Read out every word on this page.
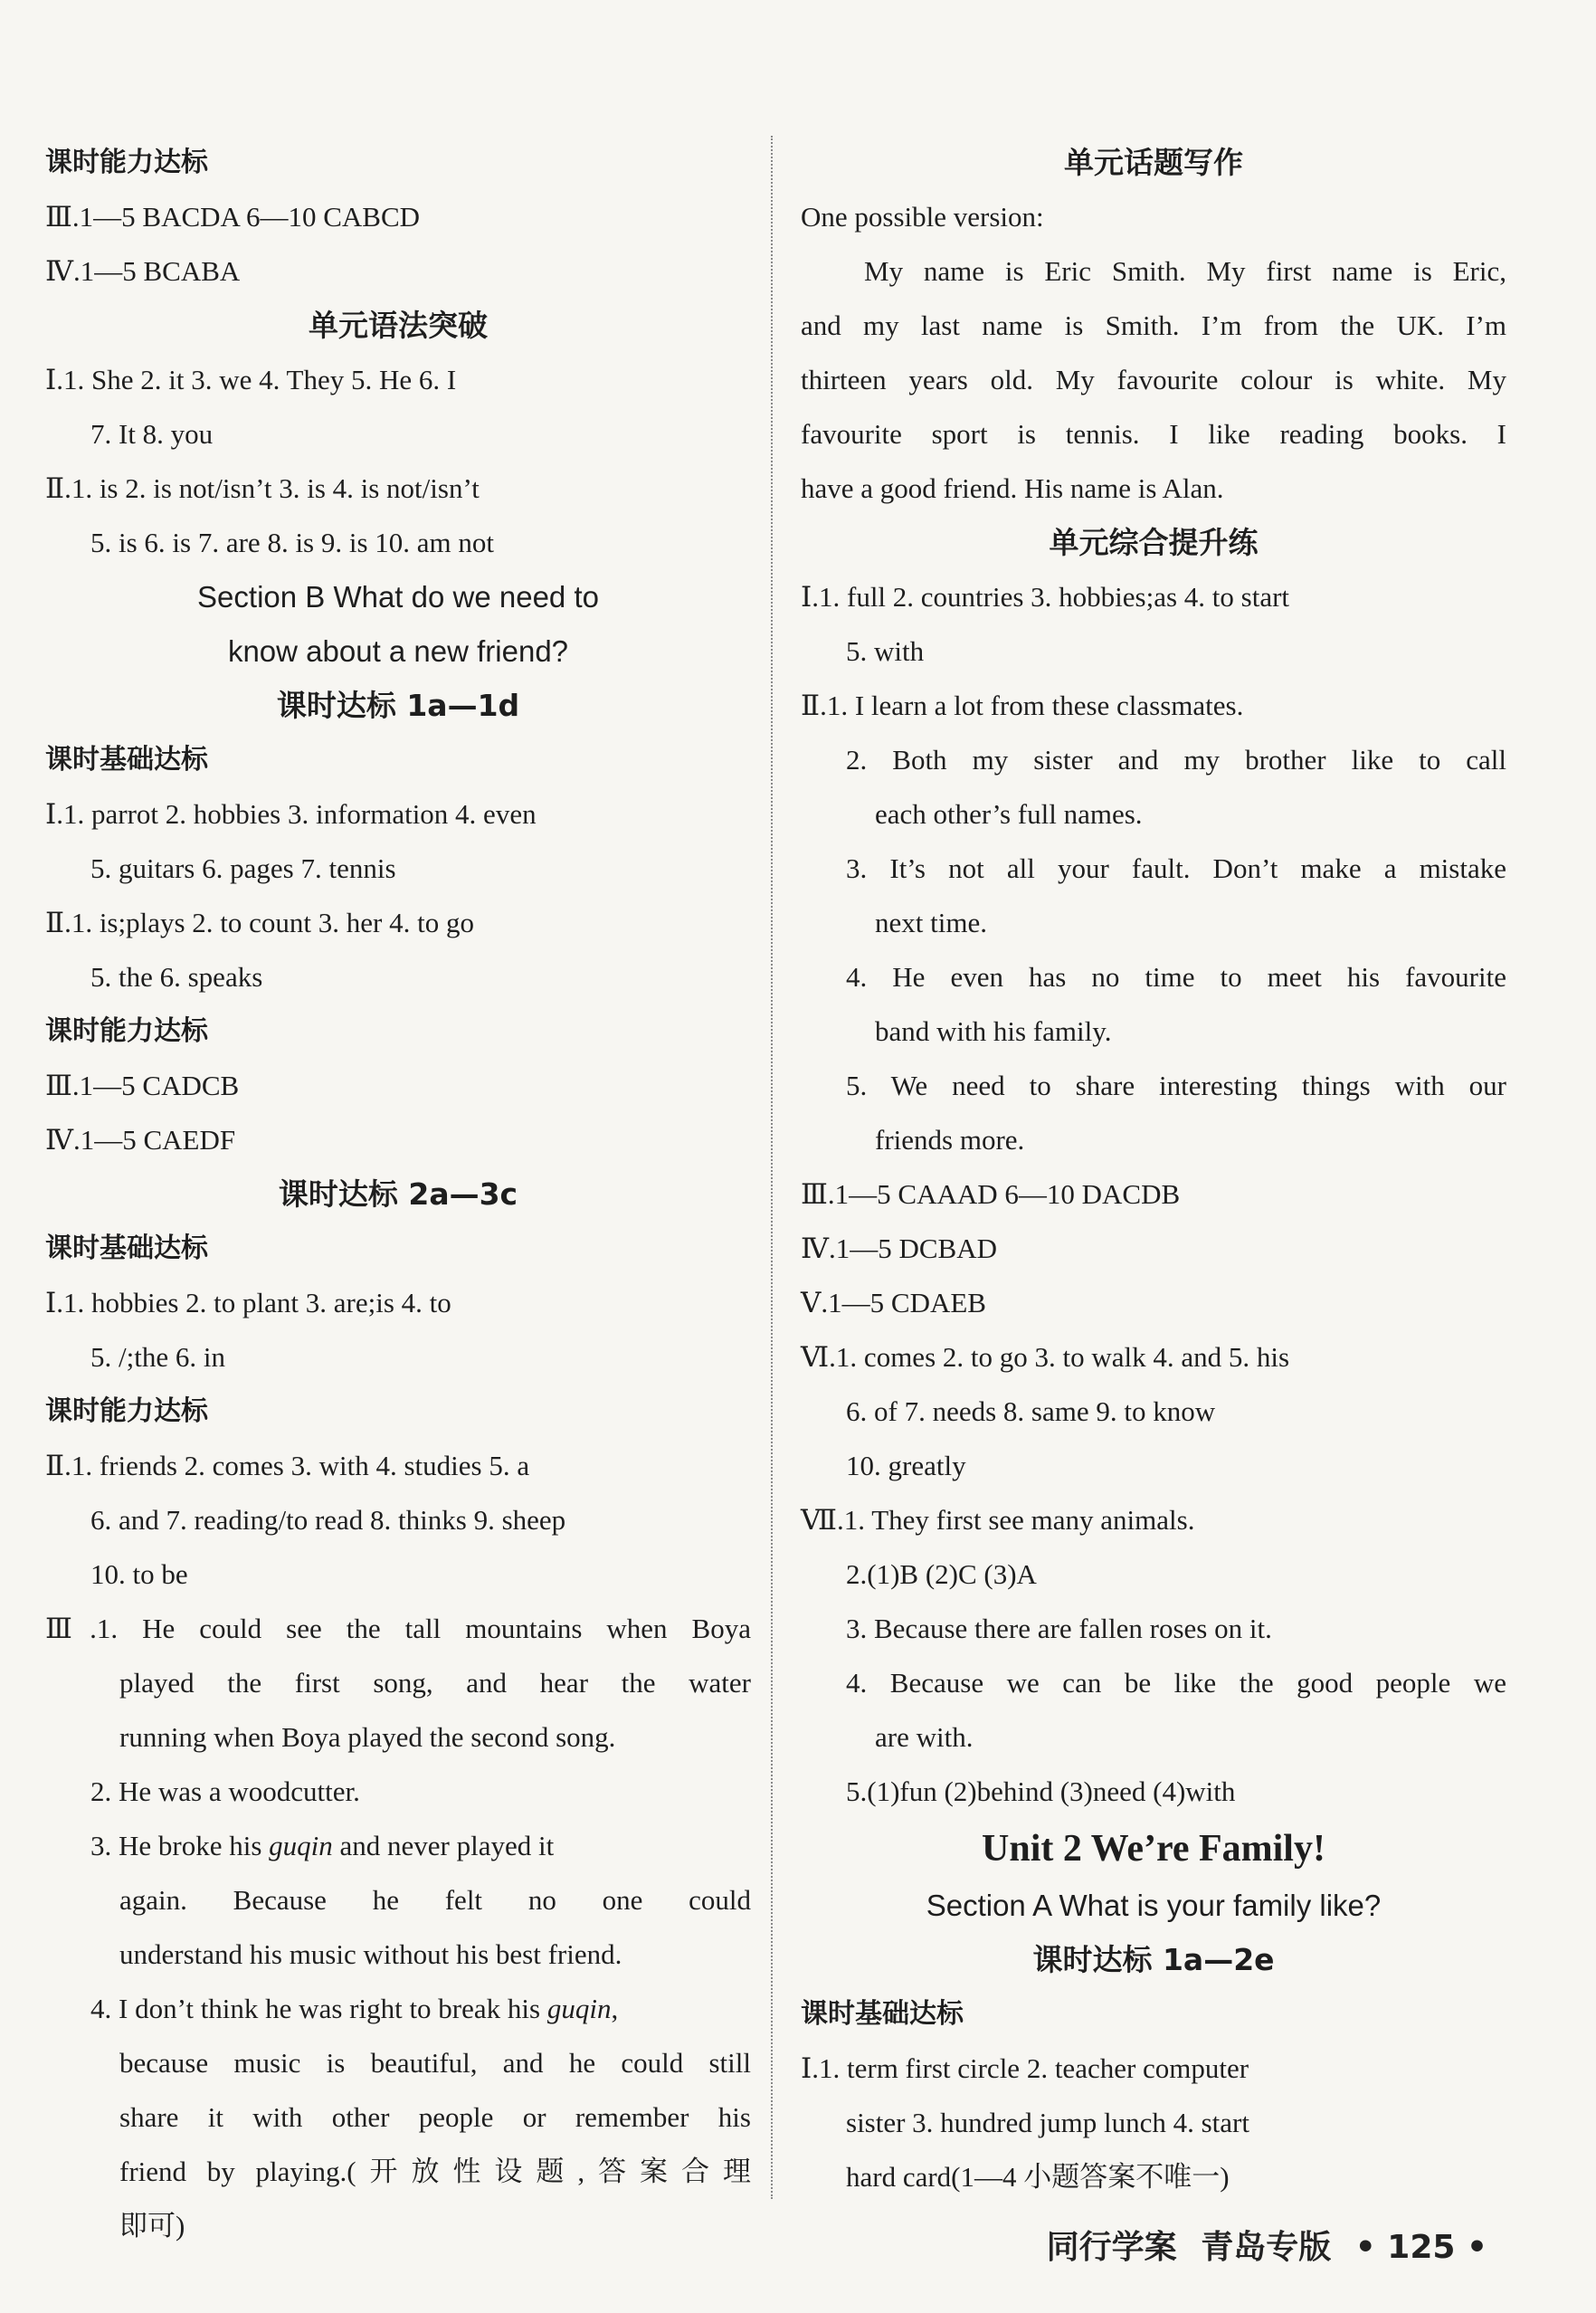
课时能力达标
Ⅲ.1—5 BACDA 6—10 CABCD
Ⅳ.1—5 BCABA
单元语法突破
Ⅰ.1. She 2. it 3. we 4. They 5. He 6. I
7. It 8. you
Ⅱ.1. is 2. is not/isn’t 3. is 4. is not/isn’t
5. is 6. is 7. are 8. is 9. is 10. am not
Section B What do we need to
know about a new friend?
课时达标 1a—1d
课时基础达标
Ⅰ.1. parrot 2. hobbies 3. information 4. even
5. guitars 6. pages 7. tennis
Ⅱ.1. is;plays 2. to count 3. her 4. to go
5. the 6. speaks
课时能力达标
Ⅲ.1—5 CADCB
Ⅳ.1—5 CAEDF
课时达标 2a—3c
课时基础达标
Ⅰ.1. hobbies 2. to plant 3. are;is 4. to
5. /;the 6. in
课时能力达标
Ⅱ.1. friends 2. comes 3. with 4. studies 5. a
6. and 7. reading/to read 8. thinks 9. sheep
10. to be
Ⅲ.1. He could see the tall mountains when Boya
played the first song, and hear the water
running when Boya played the second song.
2. He was a woodcutter.
3. He broke his guqin and never played it
again. Because he felt no one could
understand his music without his best friend.
4. I don’t think he was right to break his guqin,
because music is beautiful, and he could still
share it with other people or remember his
friend by playing.(开放性设题,答案合理
即可)
单元话题写作
One possible version:
My name is Eric Smith. My first name is Eric,
and my last name is Smith. I’m from the UK. I’m
thirteen years old. My favourite colour is white. My
favourite sport is tennis. I like reading books. I
have a good friend. His name is Alan.
单元综合提升练
Ⅰ.1. full 2. countries 3. hobbies;as 4. to start
5. with
Ⅱ.1. I learn a lot from these classmates.
2. Both my sister and my brother like to call
each other’s full names.
3. It’s not all your fault. Don’t make a mistake
next time.
4. He even has no time to meet his favourite
band with his family.
5. We need to share interesting things with our
friends more.
Ⅲ.1—5 CAAAD 6—10 DACDB
Ⅳ.1—5 DCBAD
Ⅴ.1—5 CDAEB
Ⅵ.1. comes 2. to go 3. to walk 4. and 5. his
6. of 7. needs 8. same 9. to know
10. greatly
Ⅶ.1. They first see many animals.
2.(1)B (2)C (3)A
3. Because there are fallen roses on it.
4. Because we can be like the good people we
are with.
5.(1)fun (2)behind (3)need (4)with
Unit 2 We’re Family!
Section A What is your family like?
课时达标 1a—2e
课时基础达标
Ⅰ.1. term first circle 2. teacher computer
sister 3. hundred jump lunch 4. start
hard card(1—4 小题答案不唯一)
同行学案 青岛专版 • 125 •
